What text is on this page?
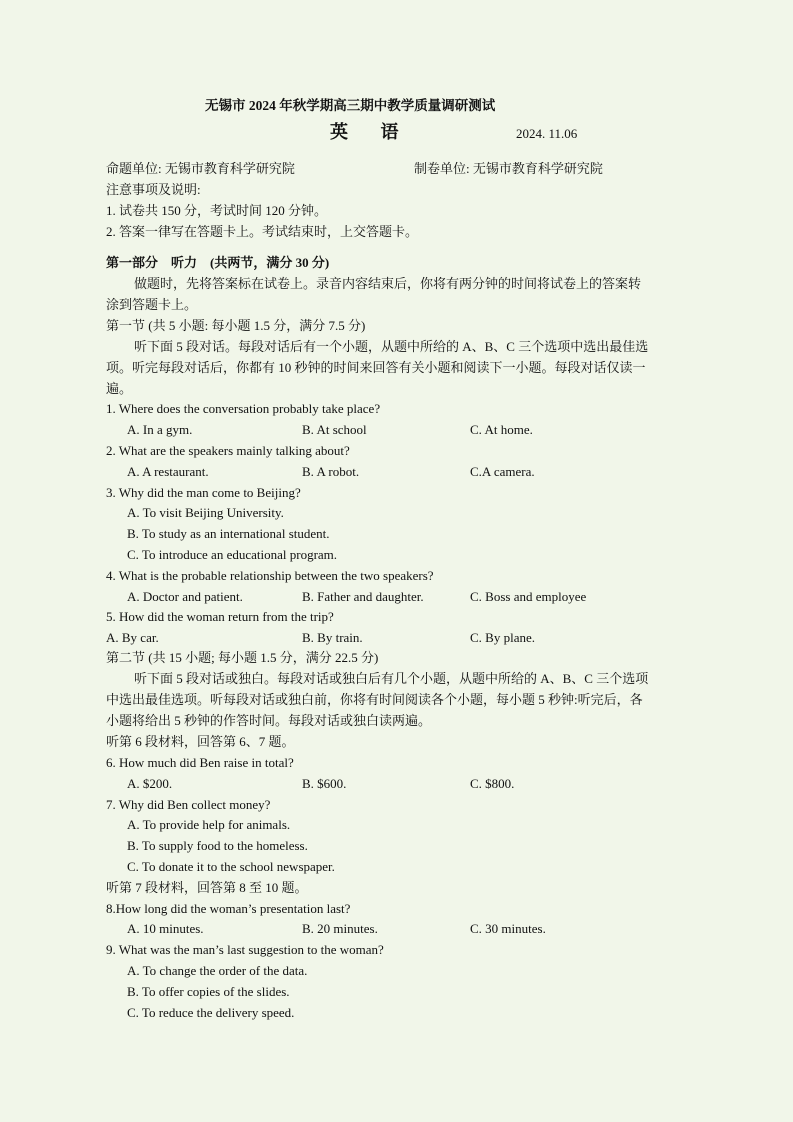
无锡市 2024 年秋学期高三期中教学质量调研测试
英 语	2024. 11.06
命题单位: 无锡市教育科学研究院	制卷单位: 无锡市教育科学研究院
注意事项及说明:
1. 试卷共 150 分，考试时间 120 分钟。
2. 答案一律写在答题卡上。考试结束时，上交答题卡。
第一部分　听力　(共两节，满分 30 分)
做题时，先将答案标在试卷上。录音内容结束后，你将有两分钟的时间将试卷上的答案转
涂到答题卡上。
第一节 (共 5 小题: 每小题 1.5 分，满分 7.5 分)
听下面 5 段对话。每段对话后有一个小题，从题中所给的 A、B、C 三个选项中选出最佳选
项。听完每段对话后，你都有 10 秒钟的时间来回答有关小题和阅读下一小题。每段对话仅读一
遍。
1. Where does the conversation probably take place?
A. In a gym.	B. At school	C. At home.
2. What are the speakers mainly talking about?
A. A restaurant.	B. A robot.	C.A camera.
3. Why did the man come to Beijing?
A. To visit Beijing University.
B. To study as an international student.
C. To introduce an educational program.
4. What is the probable relationship between the two speakers?
A. Doctor and patient.	B. Father and daughter.	C. Boss and employee
5. How did the woman return from the trip?
A. By car.	B. By train.	C. By plane.
第二节 (共 15 小题; 每小题 1.5 分，满分 22.5 分)
听下面 5 段对话或独白。每段对话或独白后有几个小题，从题中所给的 A、B、C 三个选项
中选出最佳选项。听每段对话或独白前，你将有时间阅读各个小题，每小题 5 秒钟:听完后，各
小题将给出 5 秒钟的作答时间。每段对话或独白读两遍。
听第 6 段材料，回答第 6、7 题。
6. How much did Ben raise in total?
A. $200.	B. $600.	C. $800.
7. Why did Ben collect money?
A. To provide help for animals.
B. To supply food to the homeless.
C. To donate it to the school newspaper.
听第 7 段材料，回答第 8 至 10 题。
8.How long did the woman’s presentation last?
A. 10 minutes.	B. 20 minutes.	C. 30 minutes.
9. What was the man’s last suggestion to the woman?
A. To change the order of the data.
B. To offer copies of the slides.
C. To reduce the delivery speed.
